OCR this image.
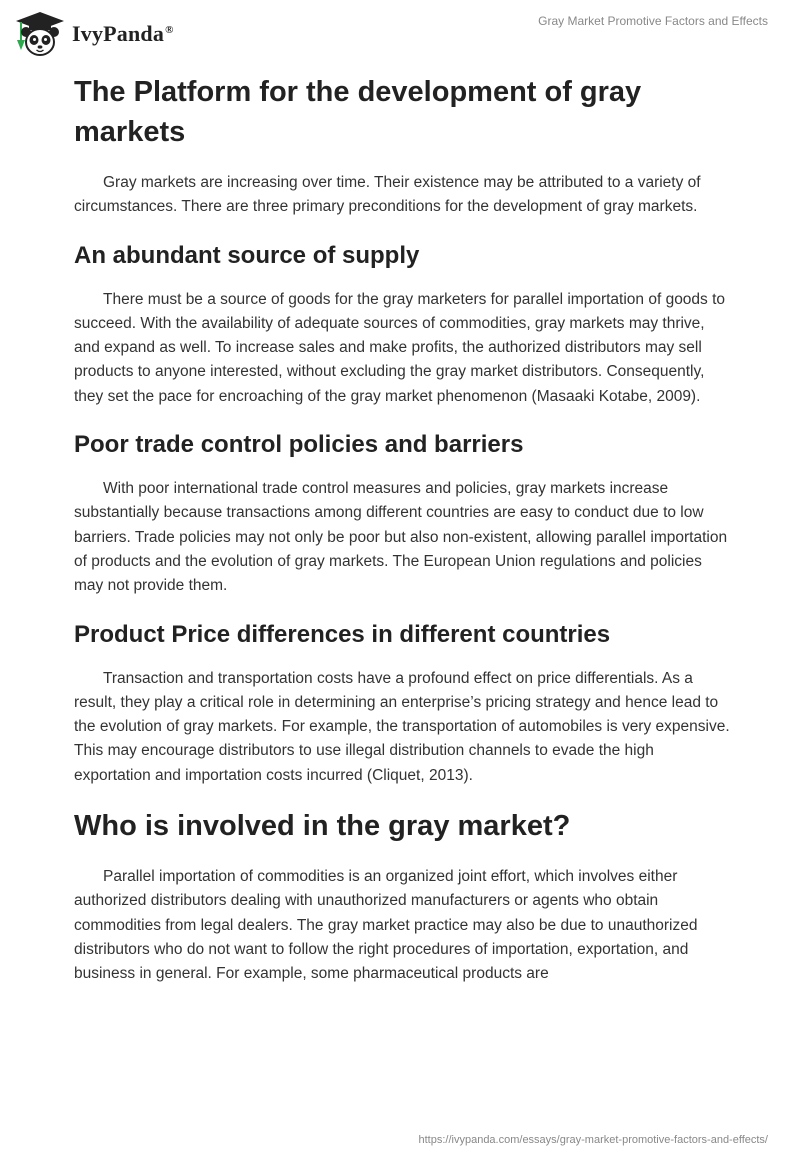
IvyPanda®
Gray Market Promotive Factors and Effects
The Platform for the development of gray markets

Gray markets are increasing over time. Their existence may be attributed to a variety of circumstances. There are three primary preconditions for the development of gray markets.

An abundant source of supply

There must be a source of goods for the gray marketers for parallel importation of goods to succeed. With the availability of adequate sources of commodities, gray markets may thrive, and expand as well. To increase sales and make profits, the authorized distributors may sell products to anyone interested, without excluding the gray market distributors. Consequently, they set the pace for encroaching of the gray market phenomenon (Masaaki Kotabe, 2009).

Poor trade control policies and barriers

With poor international trade control measures and policies, gray markets increase substantially because transactions among different countries are easy to conduct due to low barriers. Trade policies may not only be poor but also non-existent, allowing parallel importation of products and the evolution of gray markets. The European Union regulations and policies may not provide them.

Product Price differences in different countries

Transaction and transportation costs have a profound effect on price differentials. As a result, they play a critical role in determining an enterprise’s pricing strategy and hence lead to the evolution of gray markets. For example, the transportation of automobiles is very expensive. This may encourage distributors to use illegal distribution channels to evade the high exportation and importation costs incurred (Cliquet, 2013).

Who is involved in the gray market?

Parallel importation of commodities is an organized joint effort, which involves either authorized distributors dealing with unauthorized manufacturers or agents who obtain commodities from legal dealers. The gray market practice may also be due to unauthorized distributors who do not want to follow the right procedures of importation, exportation, and business in general. For example, some pharmaceutical products are

https://ivypanda.com/essays/gray-market-promotive-factors-and-effects/
